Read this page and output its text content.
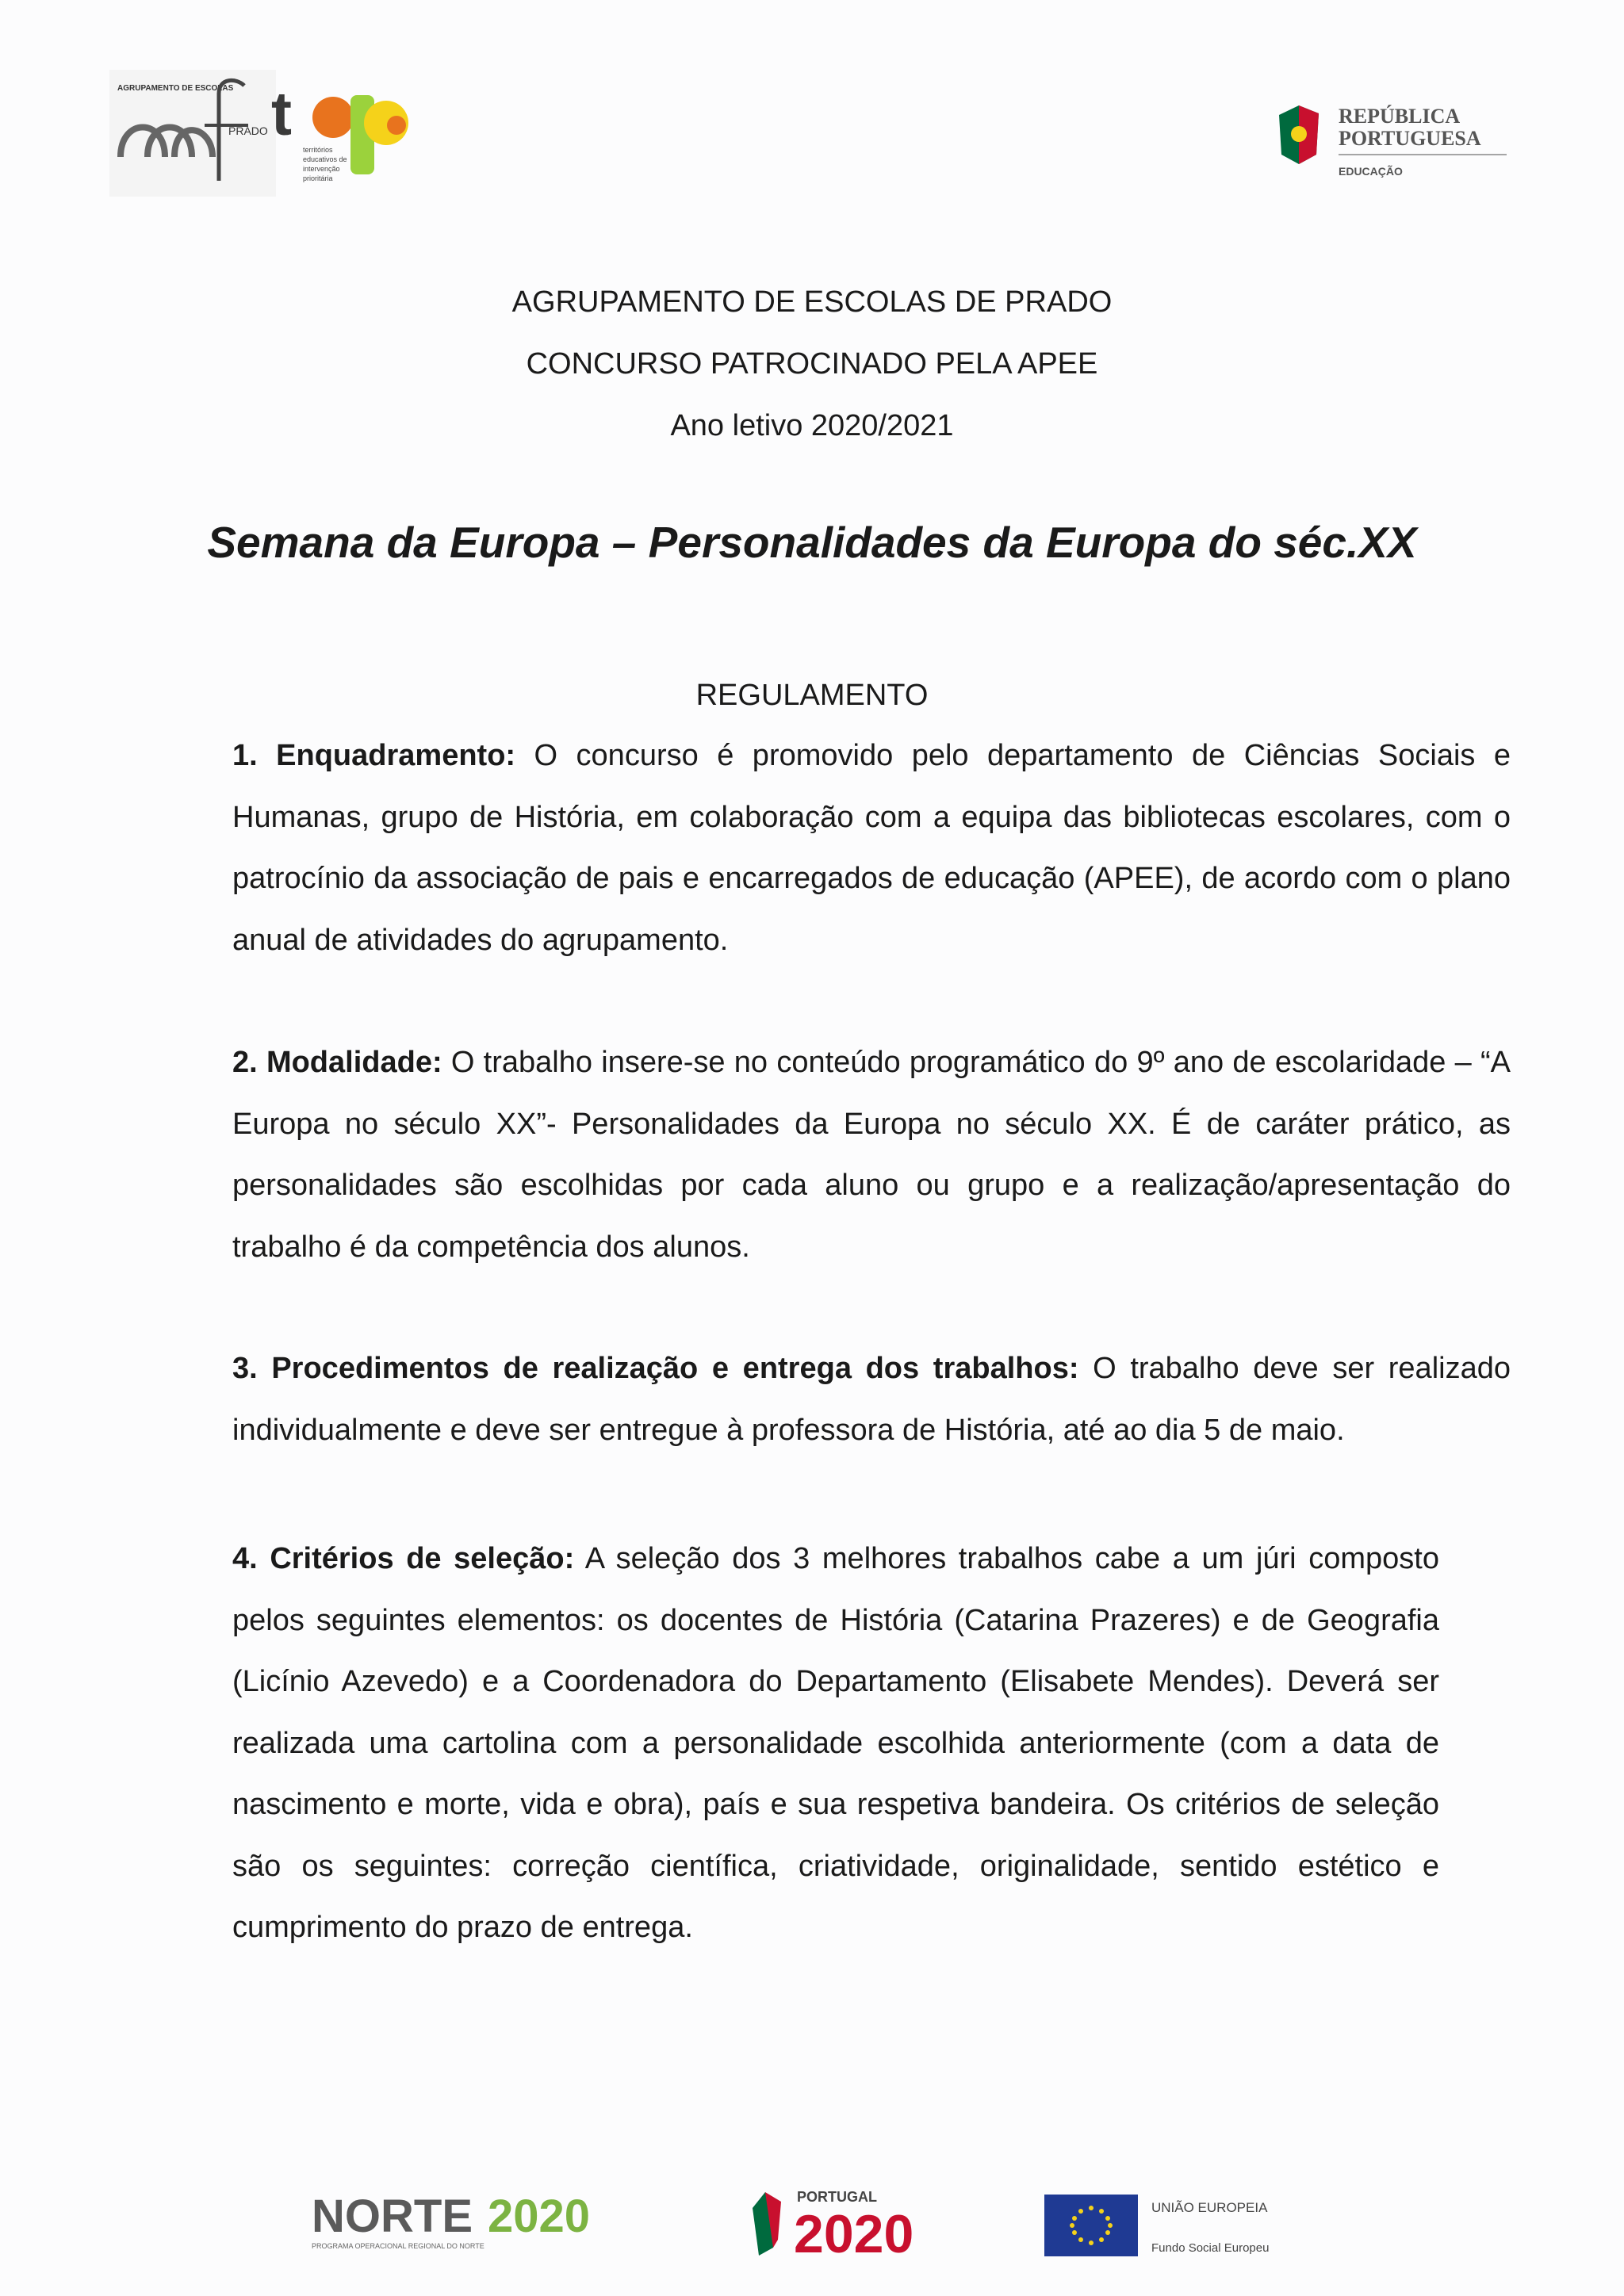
AGRUPAMENTO DE ESCOLAS
PRADO t
territórios
educativos de
intervenção
prioritária
REPÚBLICA
PORTUGUESA
EDUCAÇÃO
AGRUPAMENTO DE ESCOLAS DE PRADO
CONCURSO PATROCINADO PELA APEE
Ano letivo 2020/2021
Semana da Europa – Personalidades da Europa do séc.XX
REGULAMENTO

1. Enquadramento: O concurso é promovido pelo departamento de Ciências Sociais e Humanas, grupo de História, em colaboração com a equipa das bibliotecas escolares, com o patrocínio da associação de pais e encarregados de educação (APEE), de acordo com o plano anual de atividades do agrupamento.

2. Modalidade: O trabalho insere-se no conteúdo programático do 9º ano de escolaridade – “A Europa no século XX”- Personalidades da Europa no século XX. É de caráter prático, as personalidades são escolhidas por cada aluno ou grupo e a realização/apresentação do trabalho é da competência dos alunos.

3. Procedimentos de realização e entrega dos trabalhos: O trabalho deve ser realizado individualmente e deve ser entregue à professora de História, até ao dia 5 de maio.

4. Critérios de seleção: A seleção dos 3 melhores trabalhos cabe a um júri composto pelos seguintes elementos: os docentes de História (Catarina Prazeres) e de Geografia (Licínio Azevedo) e a Coordenadora do Departamento (Elisabete Mendes). Deverá ser realizada uma cartolina com a personalidade escolhida anteriormente (com a data de nascimento e morte, vida e obra), país e sua respetiva bandeira. Os critérios de seleção são os seguintes: correção científica, criatividade, originalidade, sentido estético e cumprimento do prazo de entrega.

NORTE 2020
PROGRAMA OPERACIONAL REGIONAL DO NORTE
PORTUGAL
2020	UNIÃO EUROPEIA
Fundo Social Europeu
